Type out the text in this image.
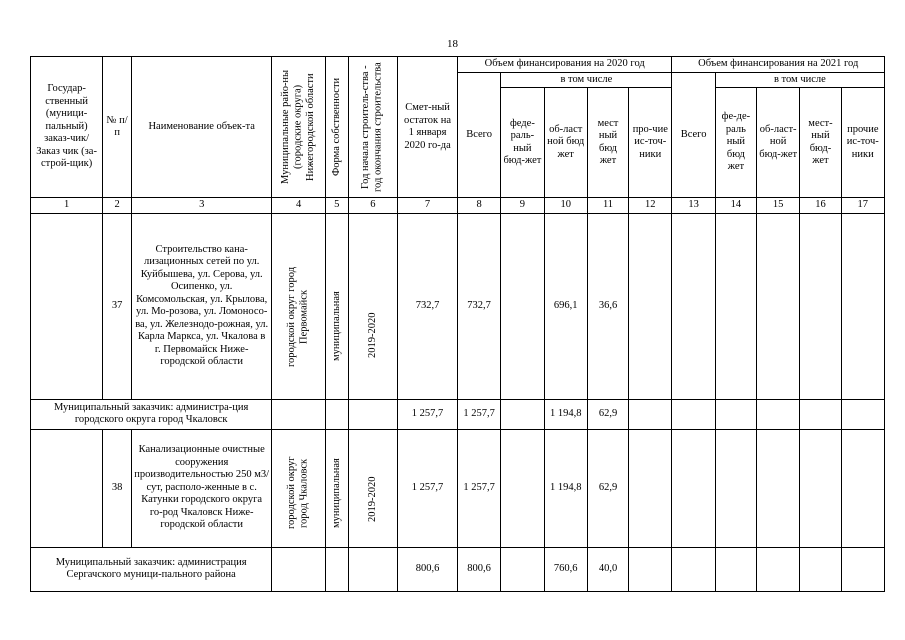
18
Государ-ственный (муници-пальный) заказ-чик/Заказ чик (за-строй-щик)	№ п/п	Наименование объек-та	Муниципальные райо-ны (городские округа) Нижегородской области	Форма собственности	Год начала строитель-ства - год окончания строительства	Смет-ный остаток на 1 января 2020 го-да	Объем финансирования на 2020 год					Объем финансирования на 2021 год				
							Всего	в том числе				Всего	в том числе			
								феде-раль-ный бюд-жет	об-ласт ной бюд жет	мест ный бюд жет	про-чие ис-точ-ники		фе-де-раль ный бюд жет	об-ласт-ной бюд-жет	мест-ный бюд-жет	прочие ис-точ-ники
1	2	3	4	5	6	7	8	9	10	11	12	13	14	15	16	17
	37	Строительство кана-лизационных сетей по ул. Куйбышева, ул. Серова, ул. Осипенко, ул. Комсомольская, ул. Крылова, ул. Мо-розова, ул. Ломоносо-ва, ул. Железнодо-рожная, ул. Карла Маркса, ул. Чкалова в г. Первомайск Ниже-городской области	городской округ город Первомайск	муниципальная	2019-2020	732,7	732,7		696,1	36,6						
Муниципальный заказчик: администра-ция городского округа город Чкаловск						1 257,7	1 257,7		1 194,8	62,9						
	38	Канализационные очистные сооружения производительностью 250 м3/сут, располо-женные в с. Катунки городского округа го-род Чкаловск Ниже-городской области	городской округ город Чкаловск	муниципальная	2019-2020	1 257,7	1 257,7		1 194,8	62,9						
Муниципальный заказчик: администрация Сергачского муници-пального района						800,6	800,6		760,6	40,0						
